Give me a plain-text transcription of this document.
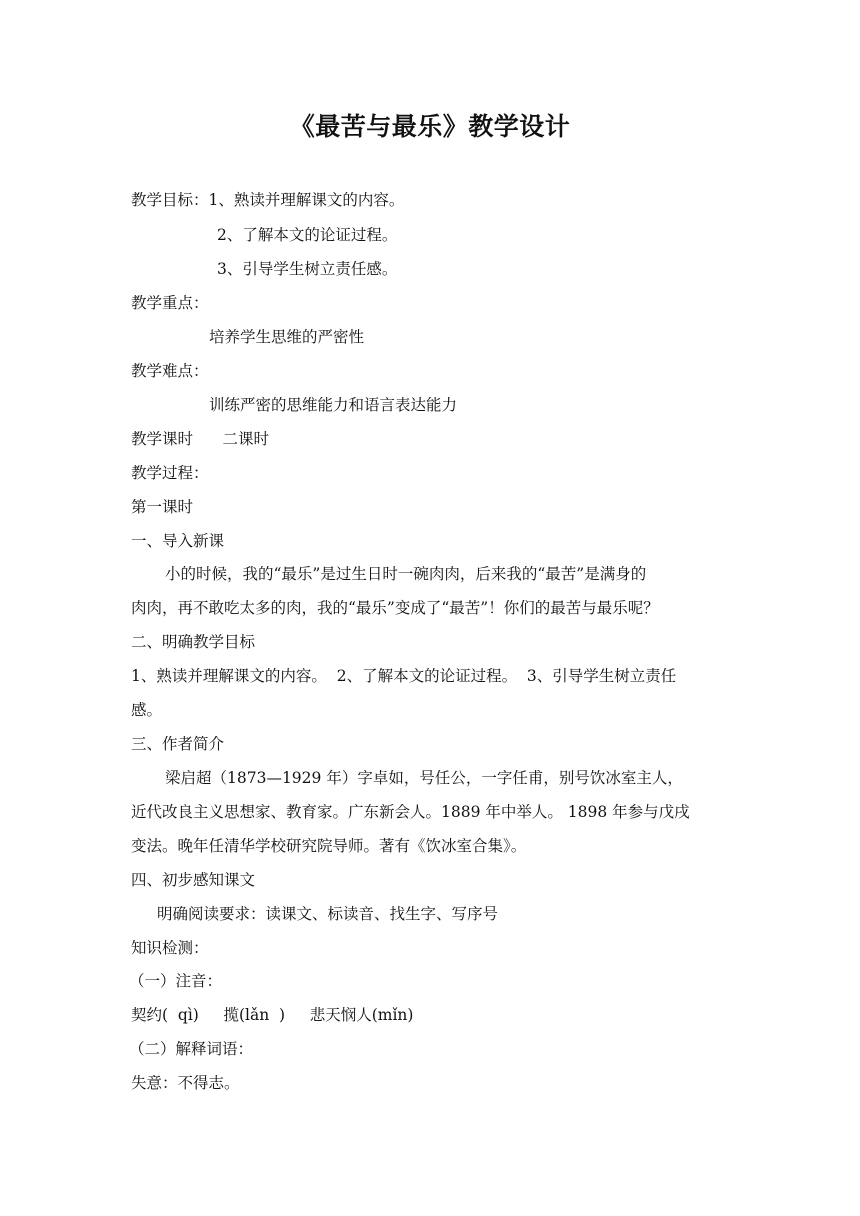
《最苦与最乐》教学设计
教学目标：1、熟读并理解课文的内容。
2、了解本文的论证过程。
3、引导学生树立责任感。
教学重点：
培养学生思维的严密性
教学难点：
训练严密的思维能力和语言表达能力
教学课时      二课时
教学过程：
第一课时
一、导入新课
小的时候，我的“最乐”是过生日时一碗肉肉，后来我的“最苦”是满身的
肉肉，再不敢吃太多的肉，我的“最乐”变成了“最苦”！你们的最苦与最乐呢？
二、明确教学目标
1、熟读并理解课文的内容。  2、了解本文的论证过程。  3、引导学生树立责任
感。
三、作者简介
梁启超（1873—1929 年）字卓如，号任公，一字任甫，别号饮冰室主人，
近代改良主义思想家、教育家。广东新会人。1889 年中举人。 1898 年参与戊戌
变法。晚年任清华学校研究院导师。著有《饮冰室合集》。
四、初步感知课文
明确阅读要求：读课文、标读音、找生字、写序号
知识检测：
（一）注音：
契约(  qì)     揽(lǎn  )     悲天悯人(mǐn)
（二）解释词语：
失意：不得志。
